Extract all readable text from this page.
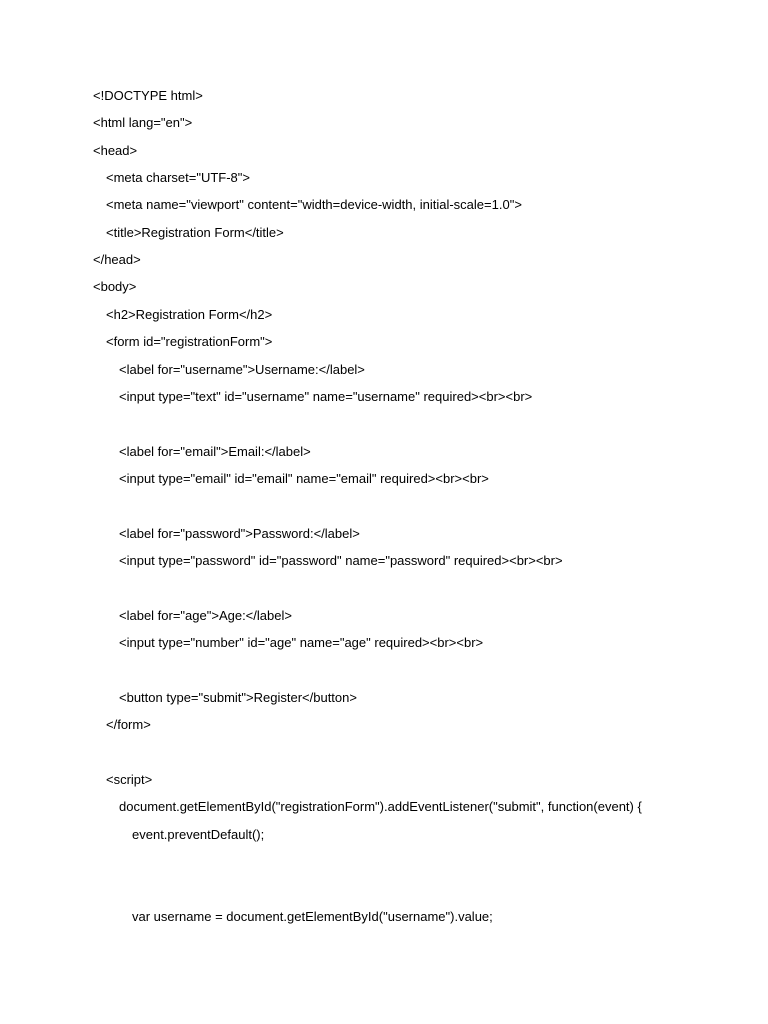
<!DOCTYPE html>
<html lang="en">
<head>
<meta charset="UTF-8">
<meta name="viewport" content="width=device-width, initial-scale=1.0">
<title>Registration Form</title>
</head>
<body>
<h2>Registration Form</h2>
<form id="registrationForm">
<label for="username">Username:</label>
<input type="text" id="username" name="username" required><br><br>
<label for="email">Email:</label>
<input type="email" id="email" name="email" required><br><br>
<label for="password">Password:</label>
<input type="password" id="password" name="password" required><br><br>
<label for="age">Age:</label>
<input type="number" id="age" name="age" required><br><br>
<button type="submit">Register</button>
</form>
<script>
document.getElementById("registrationForm").addEventListener("submit", function(event) {
event.preventDefault();
var username = document.getElementById("username").value;
